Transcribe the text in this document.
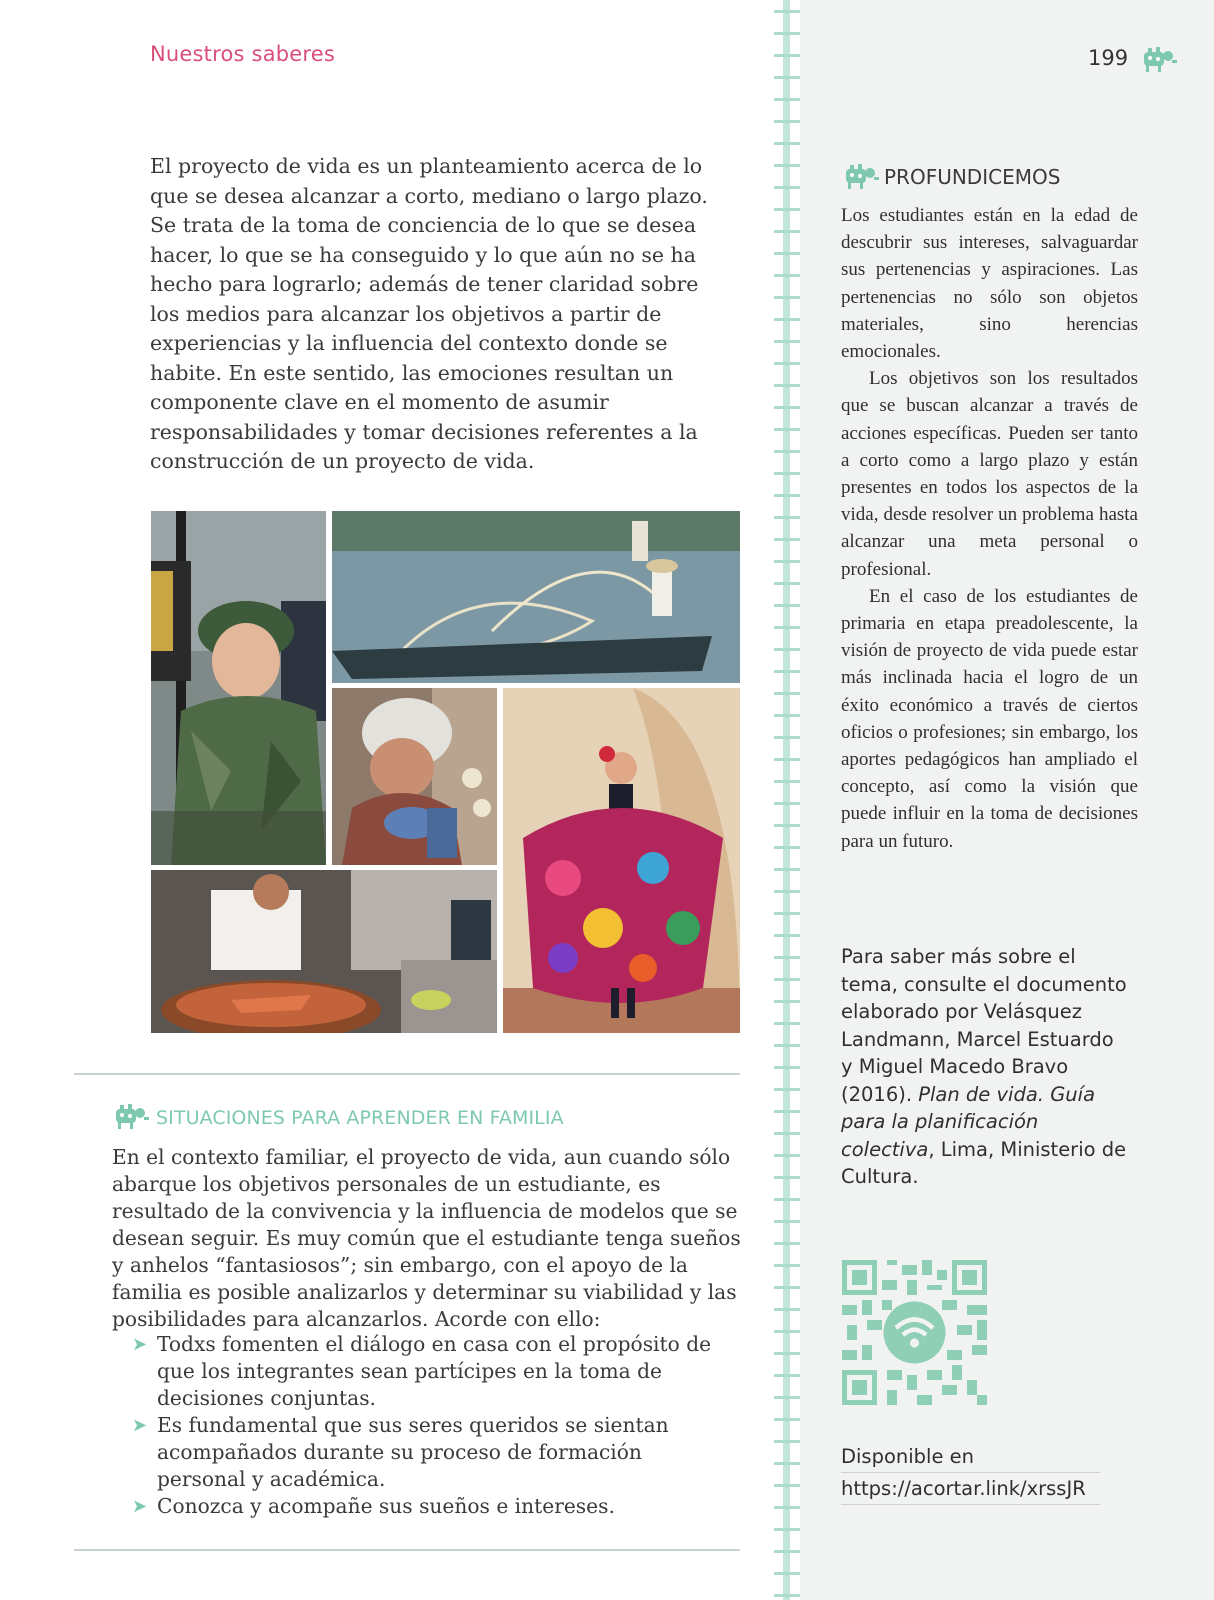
Nuestros saberes	199

El proyecto de vida es un planteamiento acerca de lo que se desea alcanzar a corto, mediano o largo plazo. Se trata de la toma de conciencia de lo que se desea hacer, lo que se ha conseguido y lo que aún no se ha hecho para lograrlo; además de tener claridad sobre los medios para alcanzar los objetivos a partir de experiencias y la influencia del contexto donde se habite. En este sentido, las emociones resultan un componente clave en el momento de asumir responsabilidades y tomar decisiones referentes a la construcción de un proyecto de vida.

SITUACIONES PARA APRENDER EN FAMILIA

En el contexto familiar, el proyecto de vida, aun cuando sólo abarque los objetivos personales de un estudiante, es resultado de la convivencia y la influencia de modelos que se desean seguir. Es muy común que el estudiante tenga sueños y anhelos “fantasiosos”; sin embargo, con el apoyo de la familia es posible analizarlos y determinar su viabilidad y las posibilidades para alcanzarlos. Acorde con ello:

➤ Todxs fomenten el diálogo en casa con el propósito de que los integrantes sean partícipes en la toma de decisiones conjuntas.
➤ Es fundamental que sus seres queridos se sientan acompañados durante su proceso de formación personal y académica.
➤ Conozca y acompañe sus sueños e intereses.
PROFUNDICEMOS

Los estudiantes están en la edad de descubrir sus intereses, salvaguardar sus pertenencias y aspiraciones. Las pertenencias no sólo son objetos materiales, sino herencias emocionales.

Los objetivos son los resultados que se buscan alcanzar a través de acciones específicas. Pueden ser tanto a corto como a largo plazo y están presentes en todos los aspectos de la vida, desde resolver un problema hasta alcanzar una meta personal o profesional.

En el caso de los estudiantes de primaria en etapa preadolescente, la visión de proyecto de vida puede estar más inclinada hacia el logro de un éxito económico a través de ciertos oficios o profesiones; sin embargo, los aportes pedagógicos han ampliado el concepto, así como la visión que puede influir en la toma de decisiones para un futuro.

Para saber más sobre el tema, consulte el documento elaborado por Velásquez Landmann, Marcel Estuardo y Miguel Macedo Bravo (2016). Plan de vida. Guía para la planificación colectiva, Lima, Ministerio de Cultura.

Disponible en
https://acortar.link/xrssJR
